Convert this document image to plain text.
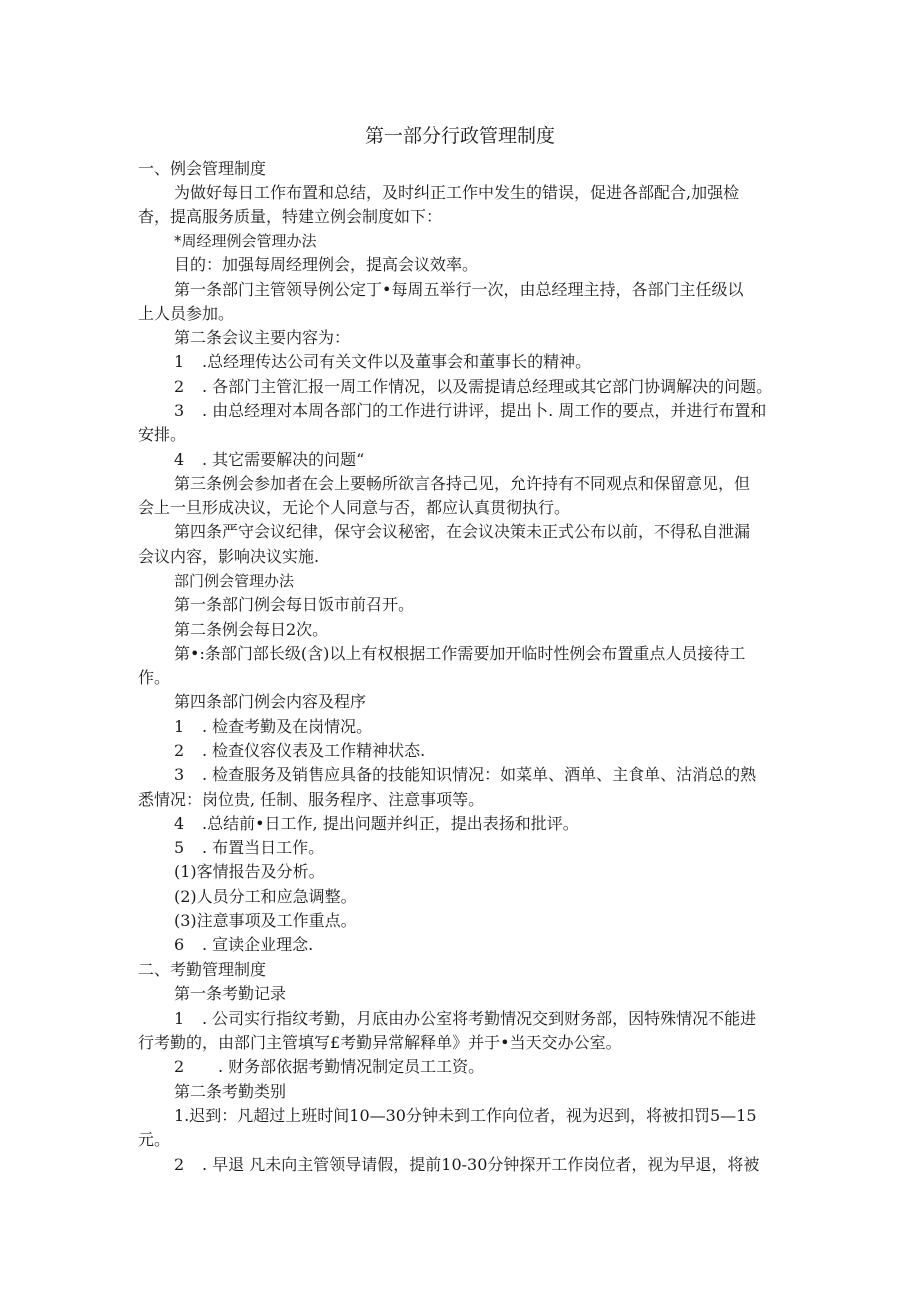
第一部分行政管理制度
一、例会管理制度
为做好每日工作布置和总结，及时纠正工作中发生的错误，促进各部配合,加强检
杳，提高服务质量，特建立例会制度如下：
*周经理例会管理办法
目的：加强每周经理例会，提高会议效率。
第一条部门主管领导例公定丁•每周五举行一次，由总经理主持，各部门主任级以
上人员参加。
第二条会议主要内容为：
1 .总经理传达公司有关文件以及董事会和董事长的精神。
2 . 各部门主管汇报一周工作情况，以及需提请总经理或其它部门协调解决的问题。
3 . 由总经理对本周各部门的工作进行讲评，提出卜. 周工作的要点，并进行布置和
安排。
4 . 其它需要解决的问题“
第三条例会参加者在会上要畅所欲言各持己见，允许持有不同观点和保留意见，但
会上一旦形成决议，无论个人同意与否，都应认真贯彻执行。
第四条严守会议纪律，保守会议秘密，在会议决策未正式公布以前，不得私自泄漏
会议内容，影响决议实施.
部门例会管理办法
第一条部门例会每日饭市前召开。
第二条例会每日2次。
第•:条部门部长级(含)以上有权根据工作需要加开临时性例会布置重点人员接待工
作。
第四条部门例会内容及程序
1 . 检查考勤及在岗情况。
2 . 检查仪容仪表及工作精神状态.
3 . 检查服务及销售应具备的技能知识情况：如菜单、酒单、主食单、沽消总的熟
悉情况：岗位贵, 任制、服务程序、注意事项等。
4 .总结前•日工作, 提出问题并纠正，提出表扬和批评。
5 . 布置当日工作。
(1)客情报告及分析。
(2)人员分工和应急调整。
(3)注意事项及工作重点。
6 . 宣读企业理念.
二、考勤管理制度
第一条考勤记录
1 . 公司实行指纹考勤，月底由办公室将考勤情况交到财务部，因特殊情况不能进
行考勤的，由部门主管填写£考勤异常解释单》并于•当天交办公室。
2 . 财务部依据考勤情况制定员工工资。
第二条考勤类别
1.迟到：凡超过上班时间10—30分钟未到工作向位者，视为迟到，将被扣罚5—15
元。
2 . 早退 凡未向主管领导请假，提前10-30分钟探开工作岗位者，视为早退，将被
